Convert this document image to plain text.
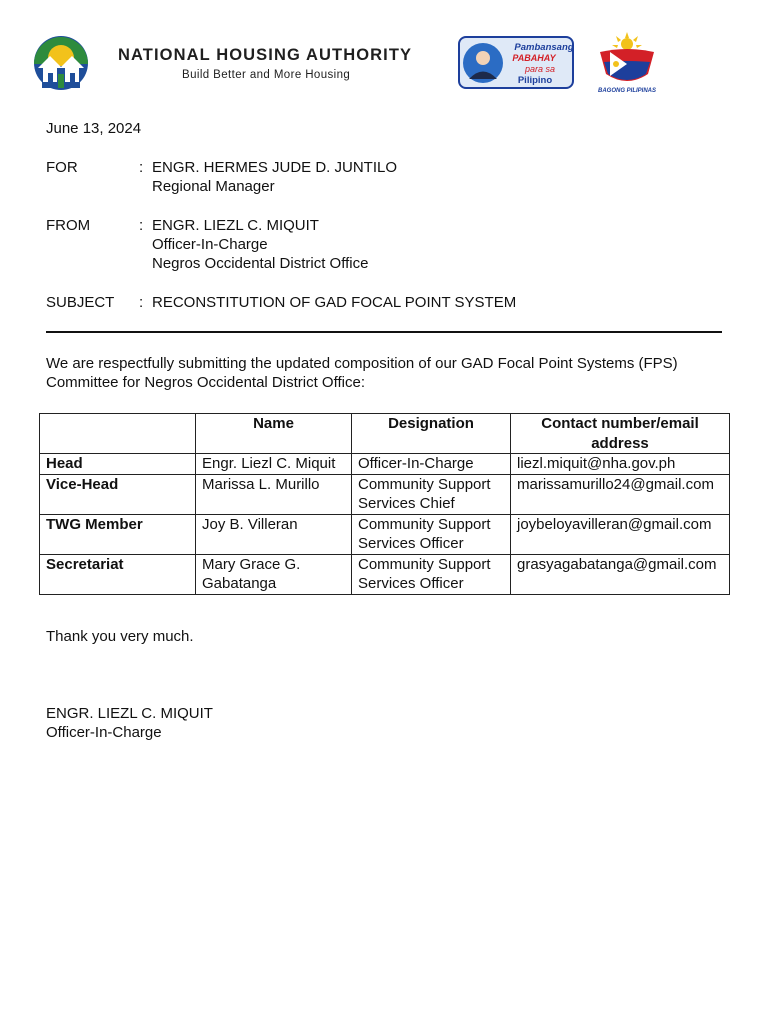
NATIONAL HOUSING AUTHORITY
Build Better and More Housing
Pambansang
PABAHAY
para sa
Pilipino
BAGONG PILIPINAS
June 13, 2024
FOR	: ENGR. HERMES JUDE D. JUNTILO
Regional Manager
FROM	: ENGR. LIEZL C. MIQUIT
Officer-In-Charge
Negros Occidental District Office
SUBJECT : RECONSTITUTION OF GAD FOCAL POINT SYSTEM
We are respectfully submitting the updated composition of our GAD Focal Point Systems (FPS)
Committee for Negros Occidental District Office:
	Name	Designation	Contact number/email address
Head	Engr. Liezl C. Miquit	Officer-In-Charge	liezl.miquit@nha.gov.ph
Vice-Head	Marissa L. Murillo	Community Support Services Chief	marissamurillo24@gmail.com
TWG Member	Joy B. Villeran	Community Support Services Officer	joybeloyavilleran@gmail.com
Secretariat	Mary Grace G. Gabatanga	Community Support Services Officer	grasyagabatanga@gmail.com
Thank you very much.
ENGR. LIEZL C. MIQUIT
Officer-In-Charge
